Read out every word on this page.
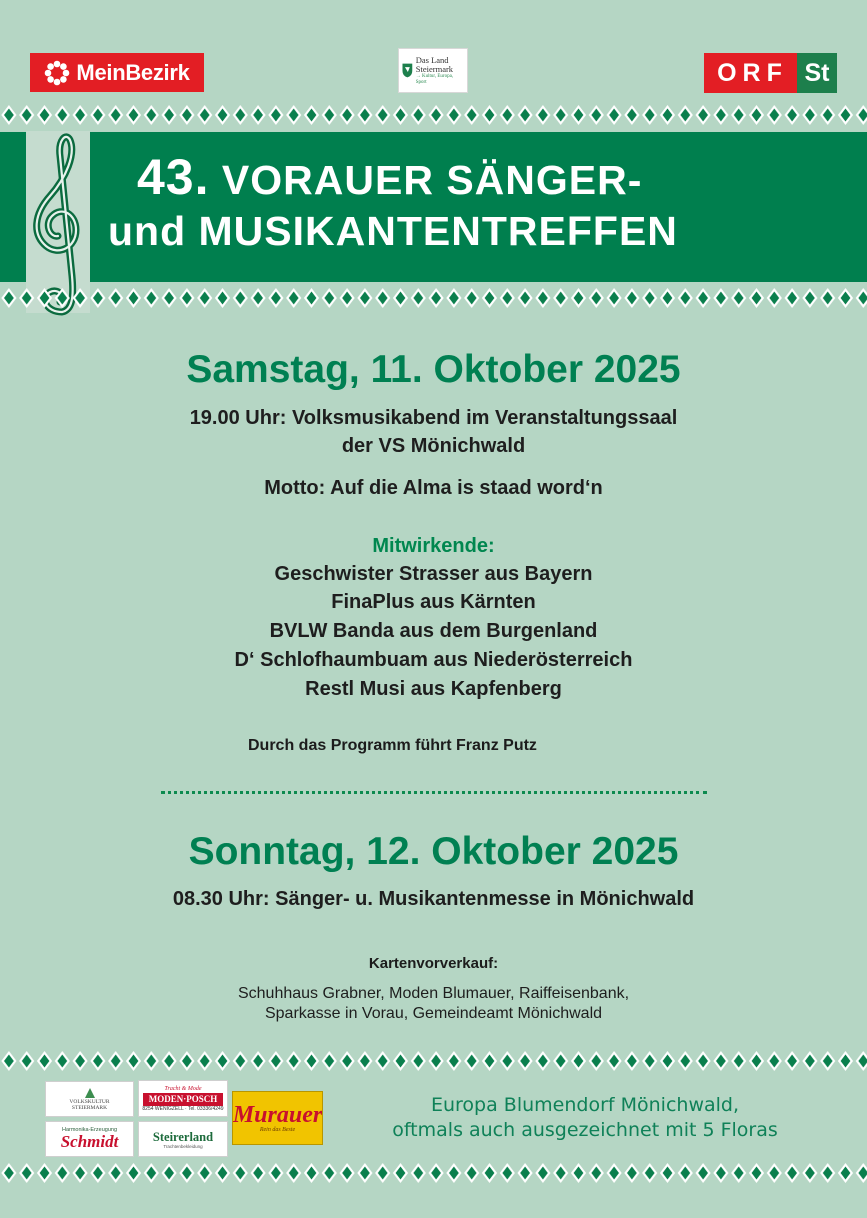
MeinBezirk	Das Land
Steiermark
→ Kultur, Europa, Sport	ORF St
43. VORAUER SÄNGER-
und MUSIKANTENTREFFEN
Samstag, 11. Oktober 2025
19.00 Uhr: Volksmusikabend im Veranstaltungssaal
der VS Mönichwald
Motto: Auf die Alma is staad word‘n
Mitwirkende:
Geschwister Strasser aus Bayern
FinaPlus aus Kärnten
BVLW Banda aus dem Burgenland
D‘ Schlofhaumbuam aus Niederösterreich
Restl Musi aus Kapfenberg
Durch das Programm führt Franz Putz
Sonntag, 12. Oktober 2025
08.30 Uhr: Sänger- u. Musikantenmesse in Mönichwald
Kartenvorverkauf:
Schuhhaus Grabner, Moden Blumauer, Raiffeisenbank,
Sparkasse in Vorau, Gemeindeamt Mönichwald
VOLKSKULTUR
STEIERMARK
Tracht & Mode
MODEN·POSCH
8254 WENIGZELL · Tel. 03336/4249
Harmonika-Erzeugung
Schmidt	Steirerland
Trachtenbekleidung
Murauer
Rein das Beste
Europa Blumendorf Mönichwald,
oftmals auch ausgezeichnet mit 5 Floras
